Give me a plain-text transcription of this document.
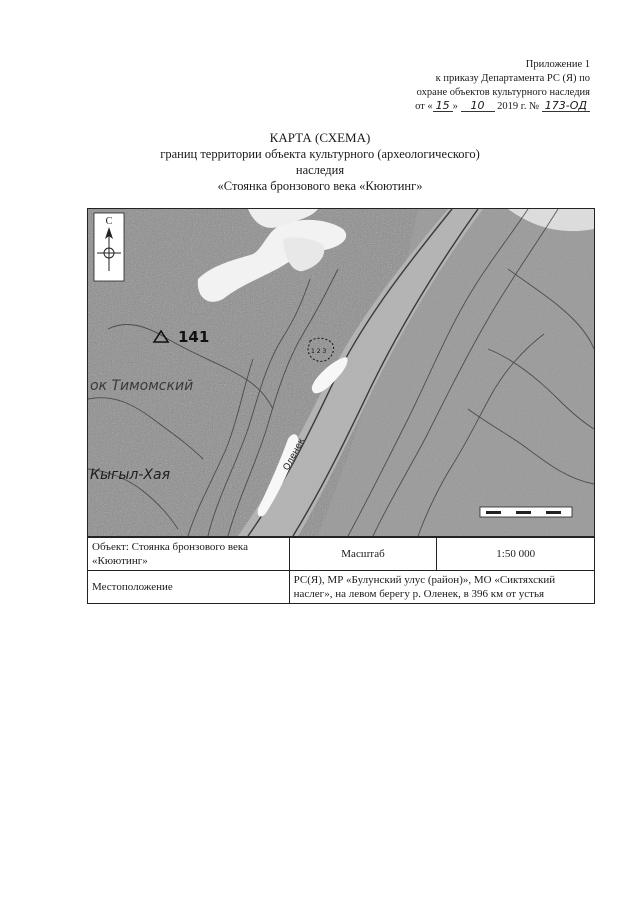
Приложение 1
к приказу Департамента РС (Я) по
охране объектов культурного наследия
от « 15 » 10 2019 г. № 173-ОД
КАРТА (СХЕМА)
границ территории объекта культурного (археологического)
наследия
«Стоянка бронзового века «Кюютинг»
С
141
ок Тимомский
Кыгыл-Хая
Оленек
1 2 3
Объект: Стоянка бронзового века «Кюютинг»	Масштаб	1:50 000
Местоположение	РС(Я), МР «Булунский улус (район)», МО «Сиктяхский наслег», на левом берегу р. Оленек, в 396 км от устья	
